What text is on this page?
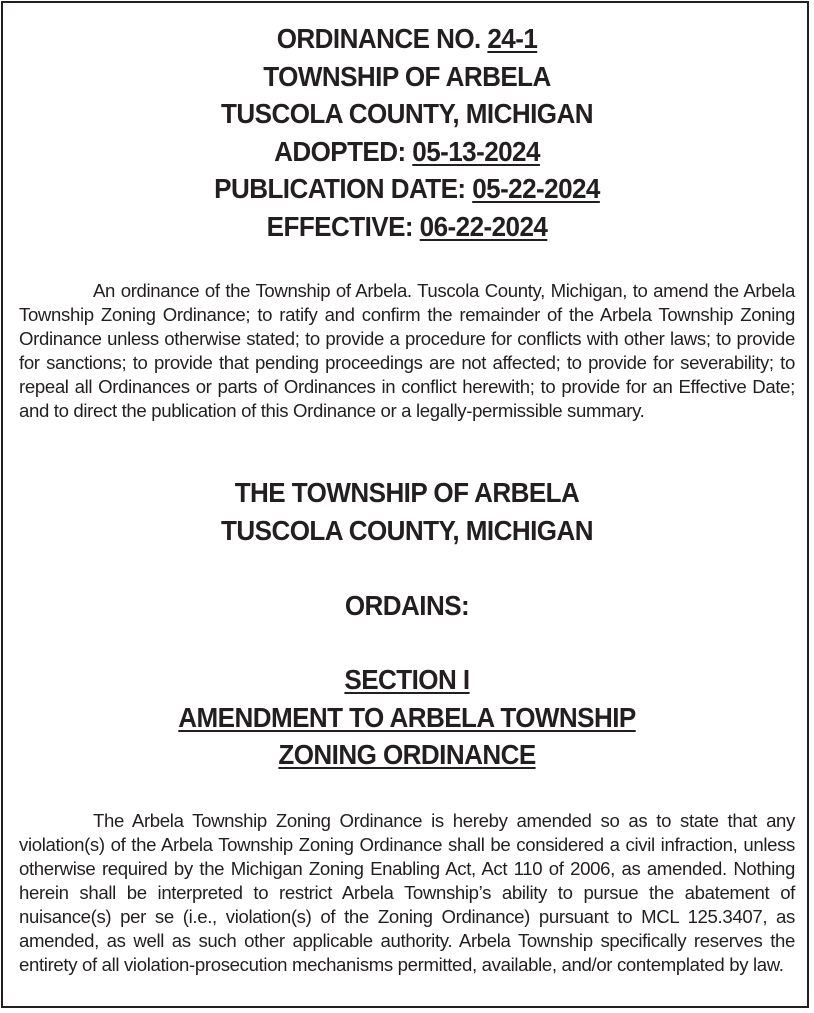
ORDINANCE NO. 24-1
TOWNSHIP OF ARBELA
TUSCOLA COUNTY, MICHIGAN
ADOPTED: 05-13-2024
PUBLICATION DATE: 05-22-2024
EFFECTIVE: 06-22-2024

An ordinance of the Township of Arbela. Tuscola County, Michigan, to amend the Arbela Township Zoning Ordinance; to ratify and confirm the remainder of the Arbela Township Zoning Ordinance unless otherwise stated; to provide a procedure for conflicts with other laws; to provide for sanctions; to provide that pending proceedings are not affected; to provide for severability; to repeal all Ordinances or parts of Ordinances in conflict herewith; to provide for an Effective Date; and to direct the publication of this Ordinance or a legally-permissible summary.

THE TOWNSHIP OF ARBELA
TUSCOLA COUNTY, MICHIGAN
ORDAINS:
SECTION I
AMENDMENT TO ARBELA TOWNSHIP
ZONING ORDINANCE

The Arbela Township Zoning Ordinance is hereby amended so as to state that any violation(s) of the Arbela Township Zoning Ordinance shall be considered a civil infraction, unless otherwise required by the Michigan Zoning Enabling Act, Act 110 of 2006, as amended. Nothing herein shall be interpreted to restrict Arbela Township’s ability to pursue the abatement of nuisance(s) per se (i.e., violation(s) of the Zoning Ordinance) pursuant to MCL 125.3407, as amended, as well as such other applicable authority. Arbela Township specifically reserves the entirety of all violation-prosecution mechanisms permitted, available, and/or contemplated by law.
